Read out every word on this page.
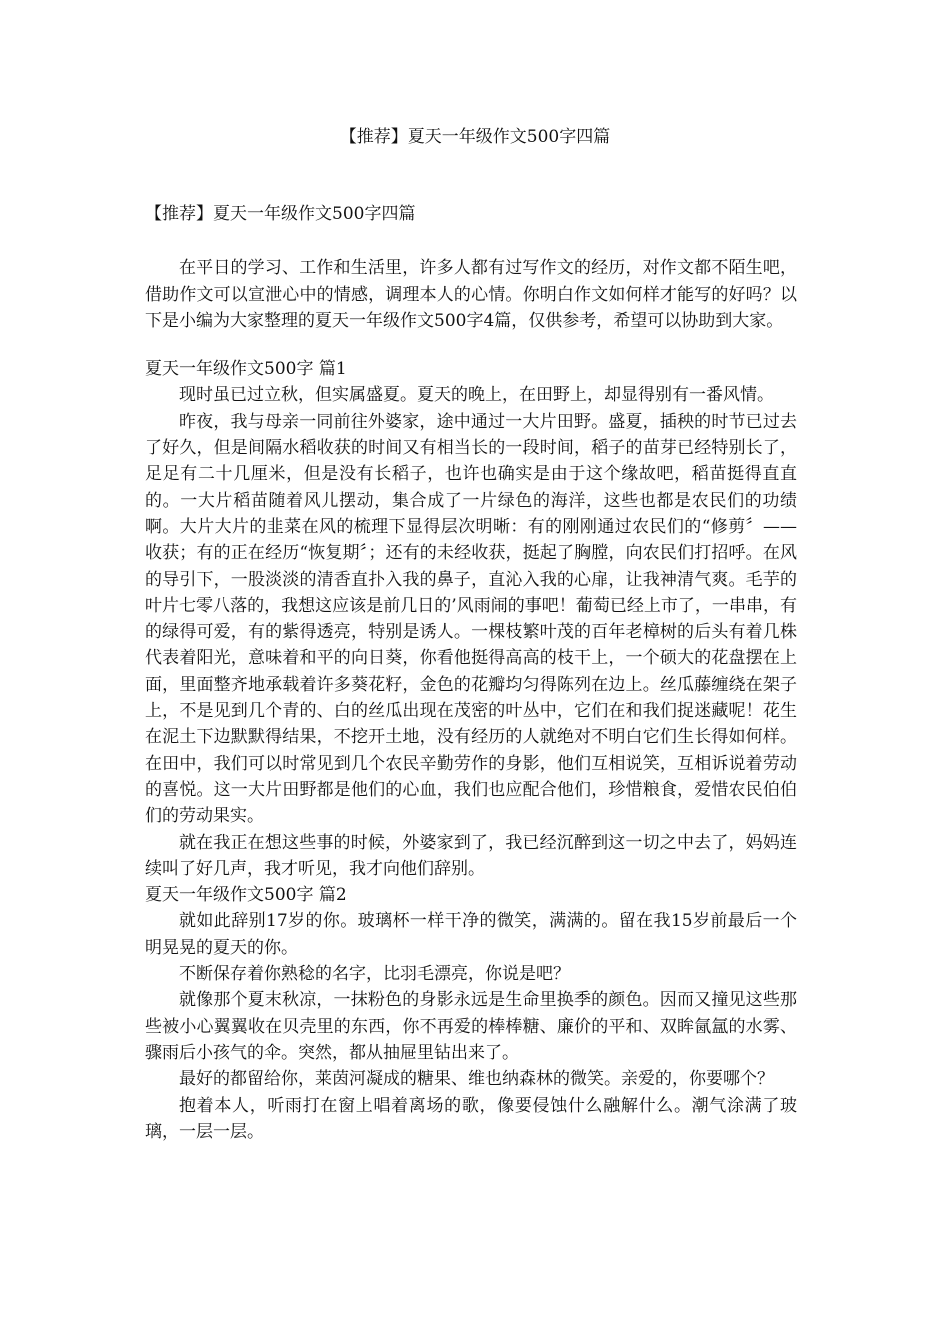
【推荐】夏天一年级作文500字四篇

【推荐】夏天一年级作文500字四篇

在平日的学习、工作和生活里，许多人都有过写作文的经历，对作文都不陌生吧，借助作文可以宣泄心中的情感，调理本人的心情。你明白作文如何样才能写的好吗？以下是小编为大家整理的夏天一年级作文500字4篇，仅供参考，希望可以协助到大家。

夏天一年级作文500字 篇1

现时虽已过立秋，但实属盛夏。夏天的晚上，在田野上，却显得别有一番风情。

昨夜，我与母亲一同前往外婆家，途中通过一大片田野。盛夏，插秧的时节已过去了好久，但是间隔水稻收获的时间又有相当长的一段时间，稻子的苗芽已经特别长了，足足有二十几厘米，但是没有长稻子，也许也确实是由于这个缘故吧，稻苗挺得直直的。一大片稻苗随着风儿摆动，集合成了一片绿色的海洋，这些也都是农民们的功绩啊。大片大片的韭菜在风的梳理下显得层次明晰：有的刚刚通过农民们的“修剪〞——收获；有的正在经历“恢复期〞；还有的未经收获，挺起了胸膛，向农民们打招呼。在风的导引下，一股淡淡的清香直扑入我的鼻子，直沁入我的心扉，让我神清气爽。毛芋的叶片七零八落的，我想这应该是前几日的’风雨闹的事吧！葡萄已经上市了，一串串，有的绿得可爱，有的紫得透亮，特别是诱人。一棵枝繁叶茂的百年老樟树的后头有着几株代表着阳光，意味着和平的向日葵，你看他挺得高高的枝干上，一个硕大的花盘摆在上面，里面整齐地承载着许多葵花籽，金色的花瓣均匀得陈列在边上。丝瓜藤缠绕在架子上，不是见到几个青的、白的丝瓜出现在茂密的叶丛中，它们在和我们捉迷藏呢！花生在泥土下边默默得结果，不挖开土地，没有经历的人就绝对不明白它们生长得如何样。在田中，我们可以时常见到几个农民辛勤劳作的身影，他们互相说笑，互相诉说着劳动的喜悦。这一大片田野都是他们的心血，我们也应配合他们，珍惜粮食，爱惜农民伯伯们的劳动果实。

就在我正在想这些事的时候，外婆家到了，我已经沉醉到这一切之中去了，妈妈连续叫了好几声，我才听见，我才向他们辞别。

夏天一年级作文500字 篇2

就如此辞别17岁的你。玻璃杯一样干净的微笑，满满的。留在我15岁前最后一个明晃晃的夏天的你。

不断保存着你熟稔的名字，比羽毛漂亮，你说是吧？

就像那个夏末秋凉，一抹粉色的身影永远是生命里换季的颜色。因而又撞见这些那些被小心翼翼收在贝壳里的东西，你不再爱的棒棒糖、廉价的平和、双眸氤氲的水雾、骤雨后小孩气的伞。突然，都从抽屉里钻出来了。

最好的都留给你，莱茵河凝成的糖果、维也纳森林的微笑。亲爱的，你要哪个？

抱着本人，听雨打在窗上唱着离场的歌，像要侵蚀什么融解什么。潮气涂满了玻璃，一层一层。
